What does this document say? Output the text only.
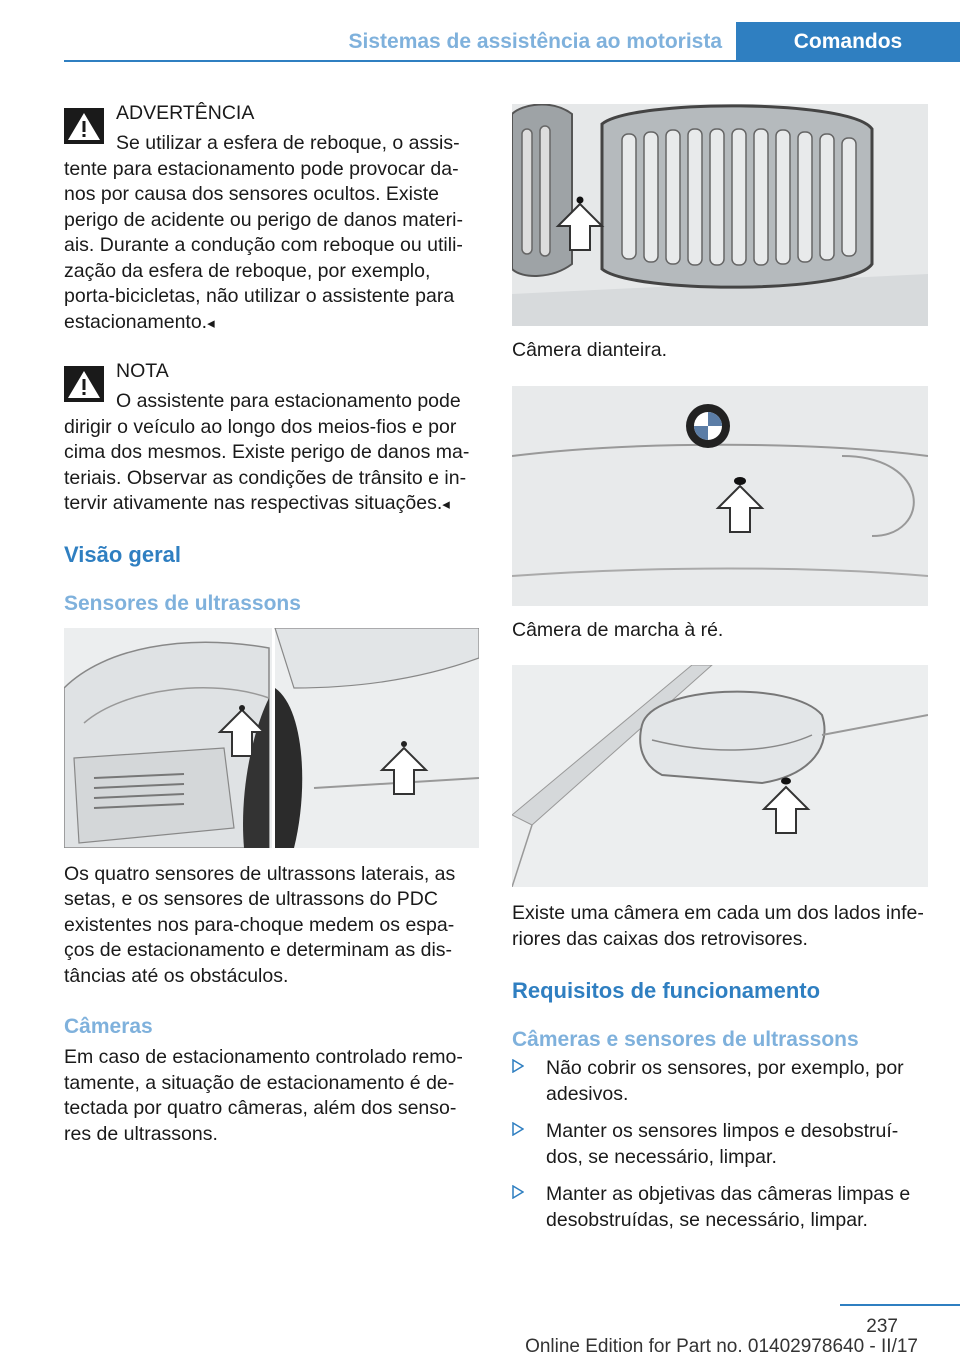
Sistemas de assistência ao motorista	Comandos
ADVERTÊNCIA

Se utilizar a esfera de reboque, o assis-

tente para estacionamento pode provocar da-nos por causa dos sensores ocultos. Existe perigo de acidente ou perigo de danos materi-ais. Durante a condução com reboque ou utili-zação da esfera de reboque, por exemplo, porta-bicicletas, não utilizar o assistente para estacionamento.◂

NOTA

O assistente para estacionamento pode

dirigir o veículo ao longo dos meios-fios e por cima dos mesmos. Existe perigo de danos ma-teriais. Observar as condições de trânsito e in-tervir ativamente nas respectivas situações.◂

Visão geral
Sensores de ultrassons

Os quatro sensores de ultrassons laterais, as setas, e os sensores de ultrassons do PDC existentes nos para-choque medem os espa-ços de estacionamento e determinam as dis-tâncias até os obstáculos.

Câmeras

Em caso de estacionamento controlado remo-tamente, a situação de estacionamento é de-tectada por quatro câmeras, além dos senso-res de ultrassons.

Câmera dianteira.

Câmera de marcha à ré.

Existe uma câmera em cada um dos lados infe-riores das caixas dos retrovisores.

Requisitos de funcionamento
Câmeras e sensores de ultrassons
Não cobrir os sensores, por exemplo, por adesivos.
Manter os sensores limpos e desobstruí-dos, se necessário, limpar.
Manter as objetivas das câmeras limpas e desobstruídas, se necessário, limpar.
237
Online Edition for Part no. 01402978640 - II/17
